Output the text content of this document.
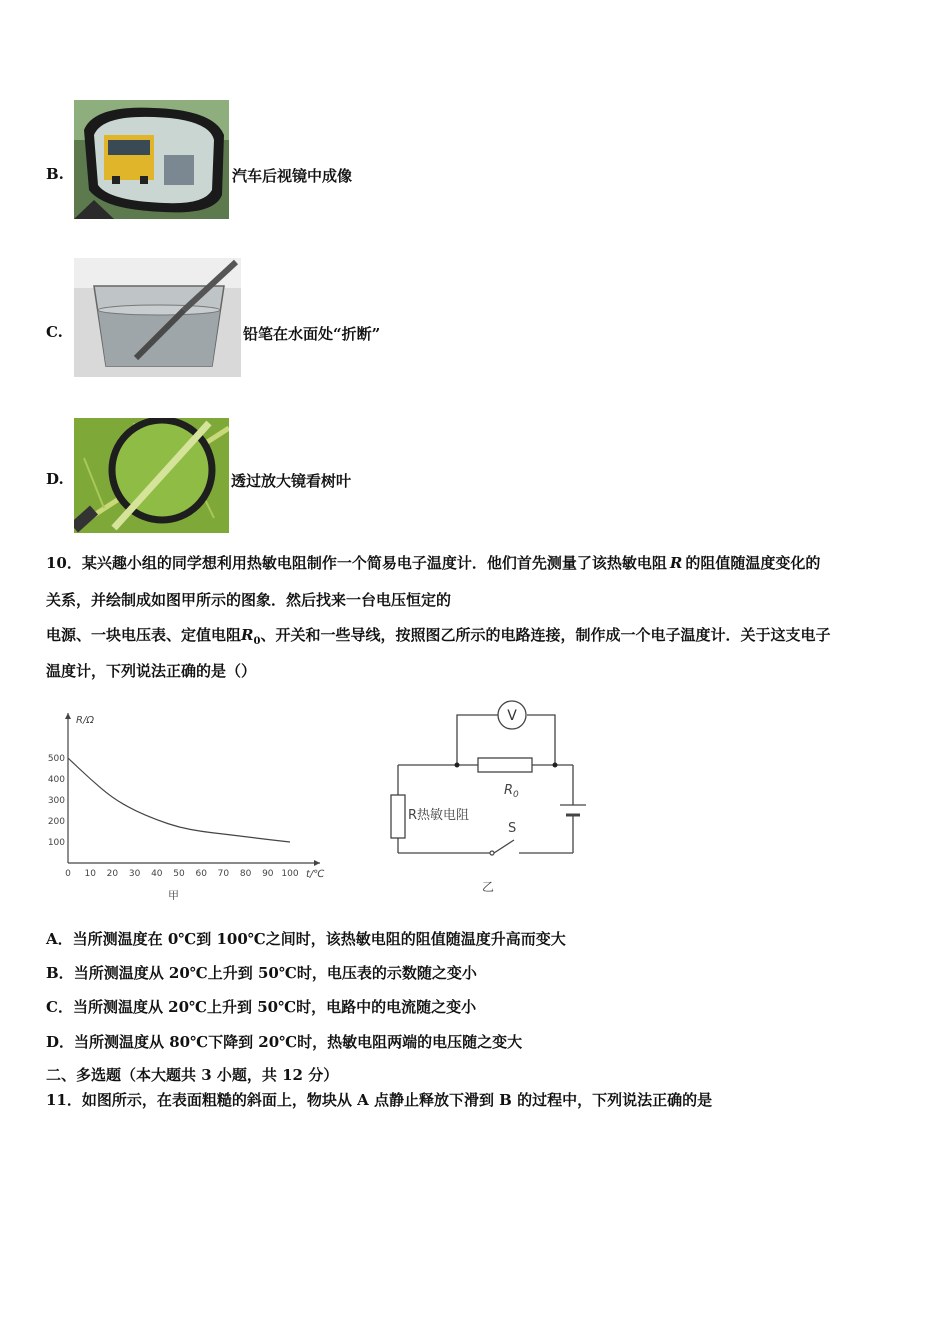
B.	汽车后视镜中成像
C.	铅笔在水面处“折断”
D.	透过放大镜看树叶
10．某兴趣小组的同学想利用热敏电阻制作一个简易电子温度计．他们首先测量了该热敏电阻 R 的阻值随温度变化的
关系，并绘制成如图甲所示的图象．然后找来一台电压恒定的
电源、一块电压表、定值电阻$R_0$、开关和一些导线，按照图乙所示的电路连接，制作成一个电子温度计．关于这支电子
温度计，下列说法正确的是（）
0 10 20 30 40 50 60 70 80 90 100
100
200
300
400
500
R/Ω
t/℃
甲
V
$R_0$
R热敏电阻
S
乙
A．当所测温度在 0℃到 100℃之间时，该热敏电阻的阻值随温度升高而变大
B．当所测温度从 20℃上升到 50℃时，电压表的示数随之变小
C．当所测温度从 20℃上升到 50℃时，电路中的电流随之变小
D．当所测温度从 80℃下降到 20℃时，热敏电阻两端的电压随之变大
二、多选题（本大题共 3 小题，共 12 分）
11．如图所示，在表面粗糙的斜面上，物块从 A 点静止释放下滑到 B 的过程中，下列说法正确的是
